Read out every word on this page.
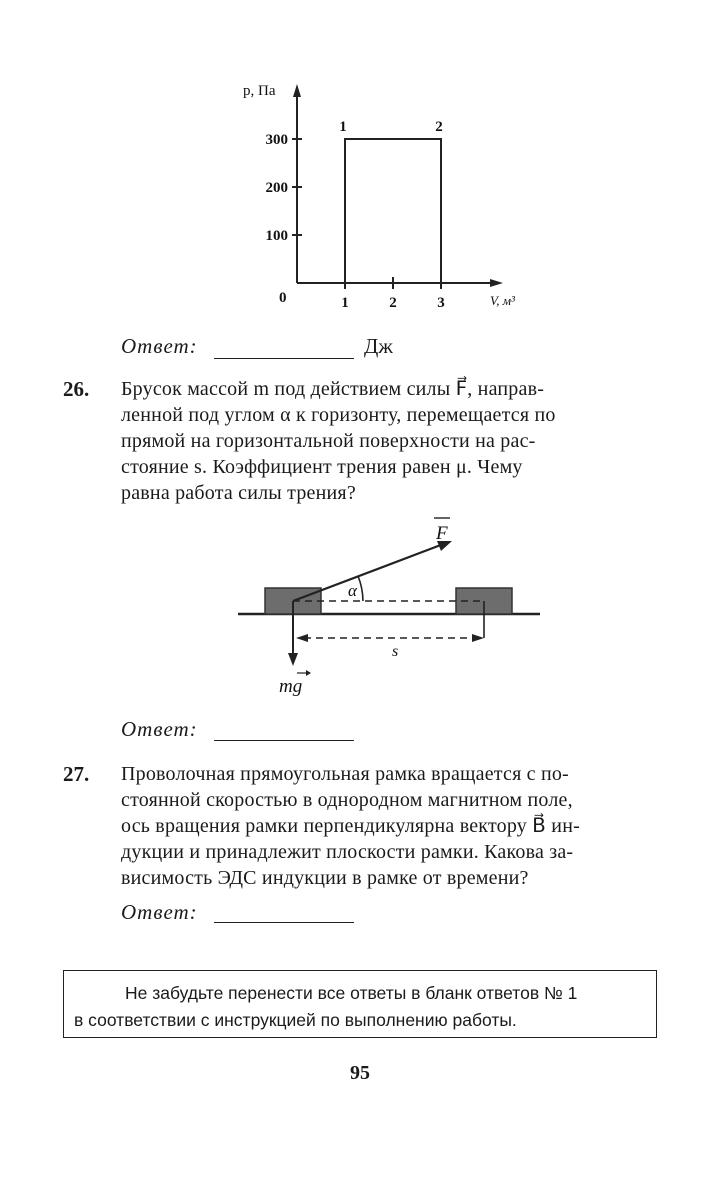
p, Па
V, м³
0
100
200
300
1	2	3
1	2
Ответ:	Дж
26. Брусок массой m под действием силы F⃗, направ-
ленной под углом α к горизонту, перемещается по
прямой на горизонтальной поверхности на рас-
стояние s. Коэффициент трения равен μ. Чему
равна работа силы трения?
α
F
mg
s
Ответ:
27. Проволочная прямоугольная рамка вращается с по-
стоянной скоростью в однородном магнитном поле,
ось вращения рамки перпендикулярна вектору B⃗ ин-
дукции и принадлежит плоскости рамки. Какова за-
висимость ЭДС индукции в рамке от времени?
Ответ:
Не забудьте перенести все ответы в бланк ответов № 1
в соответствии с инструкцией по выполнению работы.
95
